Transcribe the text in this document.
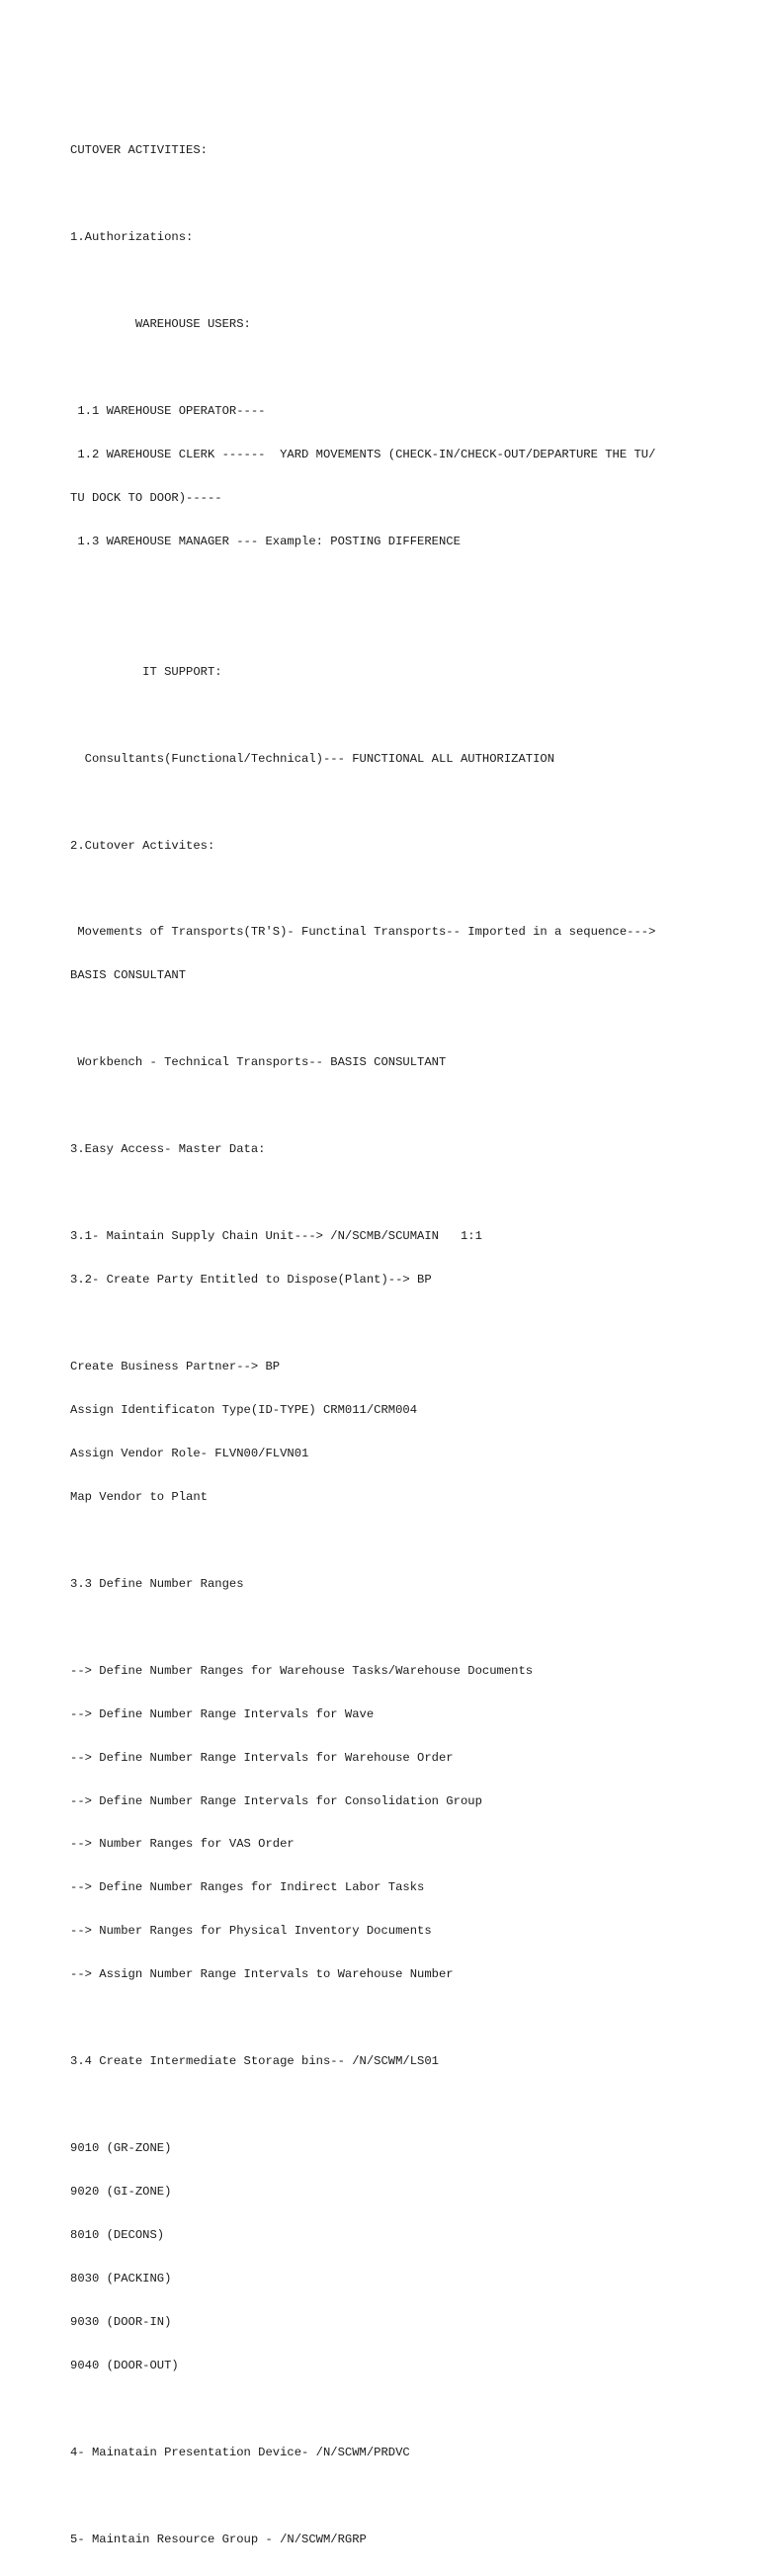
CUTOVER ACTIVITIES:

1.Authorizations:

WAREHOUSE USERS:

1.1 WAREHOUSE OPERATOR----

1.2 WAREHOUSE CLERK ------  YARD MOVEMENTS (CHECK-IN/CHECK-OUT/DEPARTURE THE TU/

TU DOCK TO DOOR)-----

1.3 WAREHOUSE MANAGER --- Example: POSTING DIFFERENCE

IT SUPPORT:

Consultants(Functional/Technical)--- FUNCTIONAL ALL AUTHORIZATION

2.Cutover Activites:

Movements of Transports(TR'S)- Functinal Transports-- Imported in a sequence--->

BASIS CONSULTANT

Workbench - Technical Transports-- BASIS CONSULTANT

3.Easy Access- Master Data:

3.1- Maintain Supply Chain Unit---> /N/SCMB/SCUMAIN   1:1

3.2- Create Party Entitled to Dispose(Plant)--> BP

Create Business Partner--> BP

Assign Identificaton Type(ID-TYPE) CRM011/CRM004

Assign Vendor Role- FLVN00/FLVN01

Map Vendor to Plant

3.3 Define Number Ranges

--> Define Number Ranges for Warehouse Tasks/Warehouse Documents

--> Define Number Range Intervals for Wave

--> Define Number Range Intervals for Warehouse Order

--> Define Number Range Intervals for Consolidation Group

--> Number Ranges for VAS Order

--> Define Number Ranges for Indirect Labor Tasks

--> Number Ranges for Physical Inventory Documents

--> Assign Number Range Intervals to Warehouse Number

3.4 Create Intermediate Storage bins-- /N/SCWM/LS01

9010 (GR-ZONE)

9020 (GI-ZONE)

8010 (DECONS)

8030 (PACKING)

9030 (DOOR-IN)

9040 (DOOR-OUT)

4- Mainatain Presentation Device- /N/SCWM/PRDVC

5- Maintain Resource Group - /N/SCWM/RGRP
